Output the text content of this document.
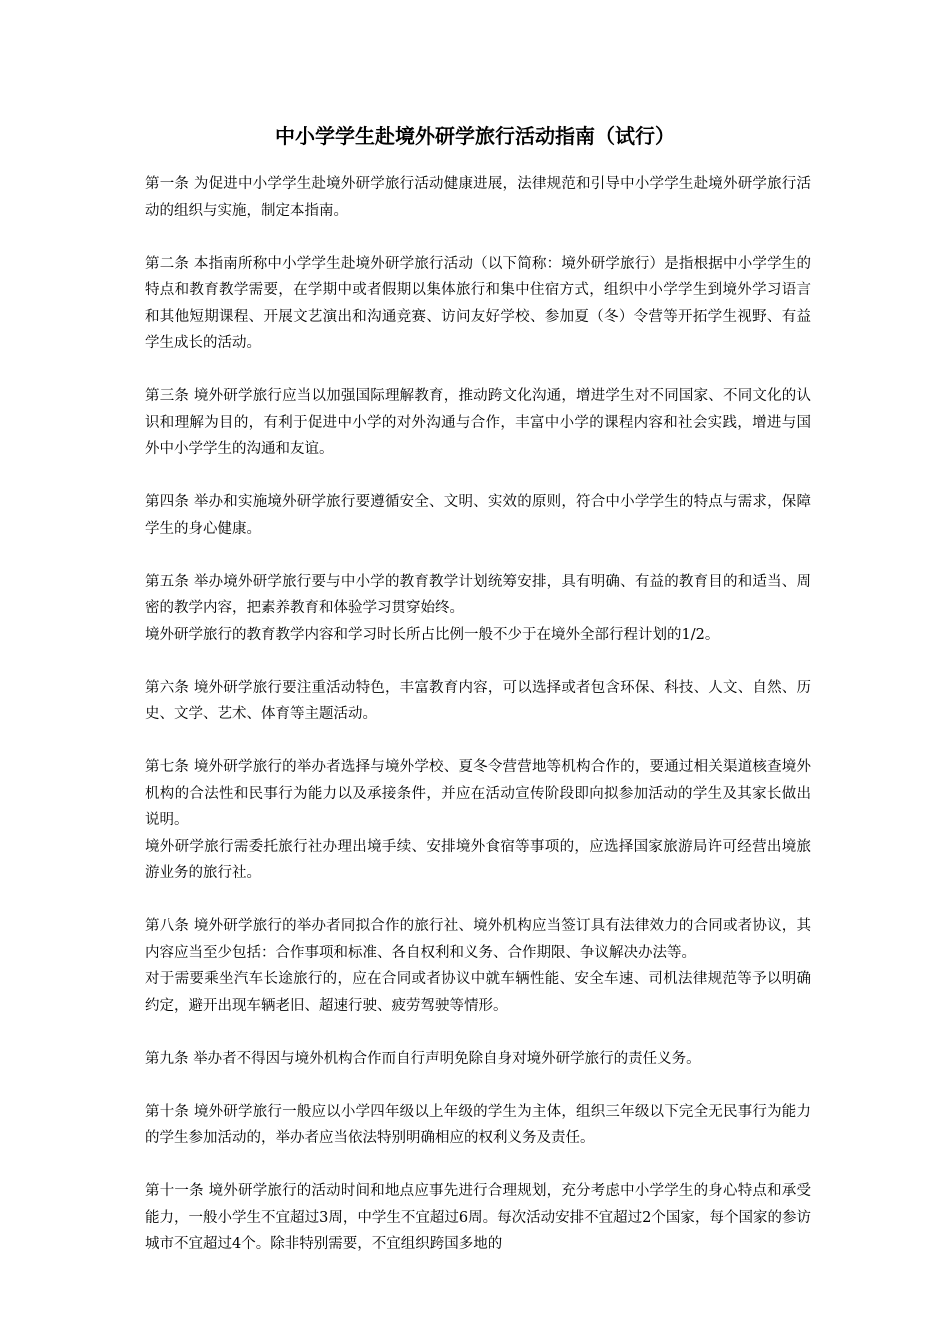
中小学学生赴境外研学旅行活动指南（试行）

第一条 为促进中小学学生赴境外研学旅行活动健康进展，法律规范和引导中小学学生赴境外研学旅行活动的组织与实施，制定本指南。

第二条 本指南所称中小学学生赴境外研学旅行活动（以下简称：境外研学旅行）是指根据中小学学生的特点和教育教学需要，在学期中或者假期以集体旅行和集中住宿方式，组织中小学学生到境外学习语言和其他短期课程、开展文艺演出和沟通竞赛、访问友好学校、参加夏（冬）令营等开拓学生视野、有益学生成长的活动。

第三条 境外研学旅行应当以加强国际理解教育，推动跨文化沟通，增进学生对不同国家、不同文化的认识和理解为目的，有利于促进中小学的对外沟通与合作，丰富中小学的课程内容和社会实践，增进与国外中小学学生的沟通和友谊。

第四条 举办和实施境外研学旅行要遵循安全、文明、实效的原则，符合中小学学生的特点与需求，保障学生的身心健康。

第五条 举办境外研学旅行要与中小学的教育教学计划统筹安排，具有明确、有益的教育目的和适当、周密的教学内容，把素养教育和体验学习贯穿始终。

境外研学旅行的教育教学内容和学习时长所占比例一般不少于在境外全部行程计划的1/2。

第六条 境外研学旅行要注重活动特色，丰富教育内容，可以选择或者包含环保、科技、人文、自然、历史、文学、艺术、体育等主题活动。

第七条 境外研学旅行的举办者选择与境外学校、夏冬令营营地等机构合作的，要通过相关渠道核查境外机构的合法性和民事行为能力以及承接条件，并应在活动宣传阶段即向拟参加活动的学生及其家长做出说明。

境外研学旅行需委托旅行社办理出境手续、安排境外食宿等事项的，应选择国家旅游局许可经营出境旅游业务的旅行社。

第八条 境外研学旅行的举办者同拟合作的旅行社、境外机构应当签订具有法律效力的合同或者协议，其内容应当至少包括：合作事项和标准、各自权利和义务、合作期限、争议解决办法等。

对于需要乘坐汽车长途旅行的，应在合同或者协议中就车辆性能、安全车速、司机法律规范等予以明确约定，避开出现车辆老旧、超速行驶、疲劳驾驶等情形。

第九条 举办者不得因与境外机构合作而自行声明免除自身对境外研学旅行的责任义务。

第十条 境外研学旅行一般应以小学四年级以上年级的学生为主体，组织三年级以下完全无民事行为能力的学生参加活动的，举办者应当依法特别明确相应的权利义务及责任。

第十一条 境外研学旅行的活动时间和地点应事先进行合理规划，充分考虑中小学学生的身心特点和承受能力，一般小学生不宜超过3周，中学生不宜超过6周。每次活动安排不宜超过2个国家，每个国家的参访城市不宜超过4个。除非特别需要，不宜组织跨国多地的
